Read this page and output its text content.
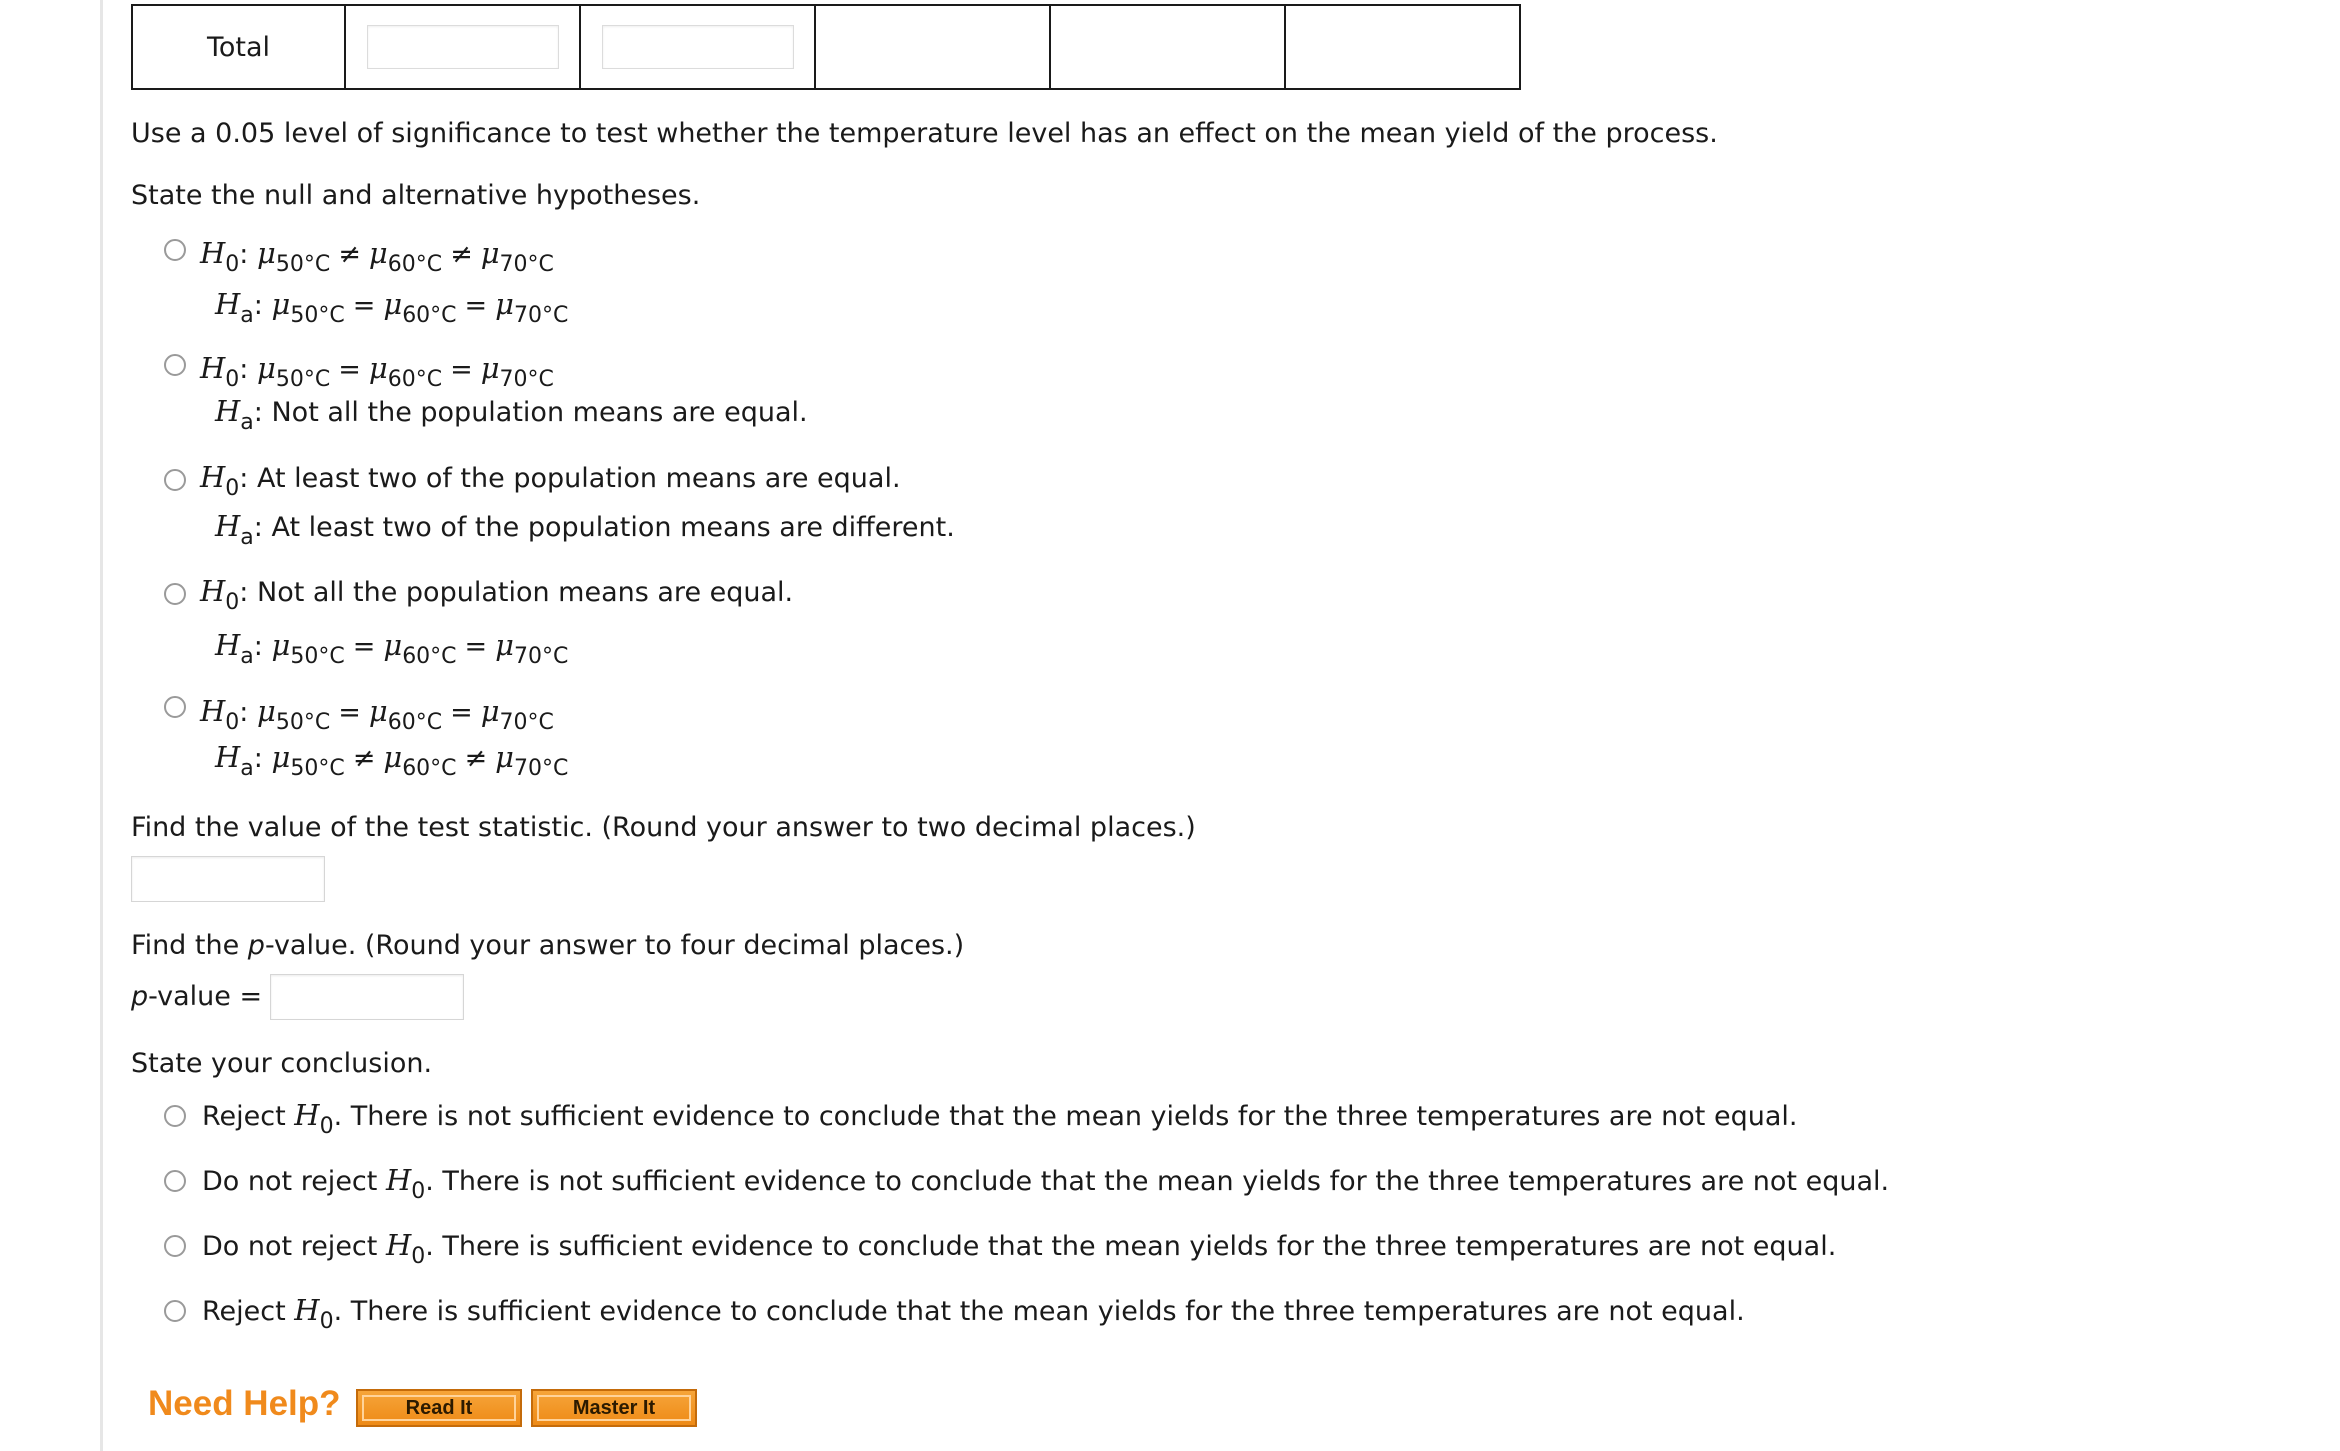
Total	

Use a 0.05 level of significance to test whether the temperature level has an effect on the mean yield of the process.
State the null and alternative hypotheses.
$H_0$: $\mu_{50^\circ C} \ne \mu_{60^\circ C} \ne \mu_{70^\circ C}$
$H_a$: $\mu_{50^\circ C} = \mu_{60^\circ C} = \mu_{70^\circ C}$
$H_0$: $\mu_{50^\circ C} = \mu_{60^\circ C} = \mu_{70^\circ C}$
$H_a$: Not all the population means are equal.
$H_0$: At least two of the population means are equal.
$H_a$: At least two of the population means are different.
$H_0$: Not all the population means are equal.
$H_a$: $\mu_{50^\circ C} = \mu_{60^\circ C} = \mu_{70^\circ C}$
$H_0$: $\mu_{50^\circ C} = \mu_{60^\circ C} = \mu_{70^\circ C}$
$H_a$: $\mu_{50^\circ C} \ne \mu_{60^\circ C} \ne \mu_{70^\circ C}$
Find the value of the test statistic. (Round your answer to two decimal places.)
Find the p-value. (Round your answer to four decimal places.)
p-value =
State your conclusion.
Reject $H_0$. There is not sufficient evidence to conclude that the mean yields for the three temperatures are not equal.
Do not reject $H_0$. There is not sufficient evidence to conclude that the mean yields for the three temperatures are not equal.
Do not reject $H_0$. There is sufficient evidence to conclude that the mean yields for the three temperatures are not equal.
Reject $H_0$. There is sufficient evidence to conclude that the mean yields for the three temperatures are not equal.
Need Help?	Read It	Master It
